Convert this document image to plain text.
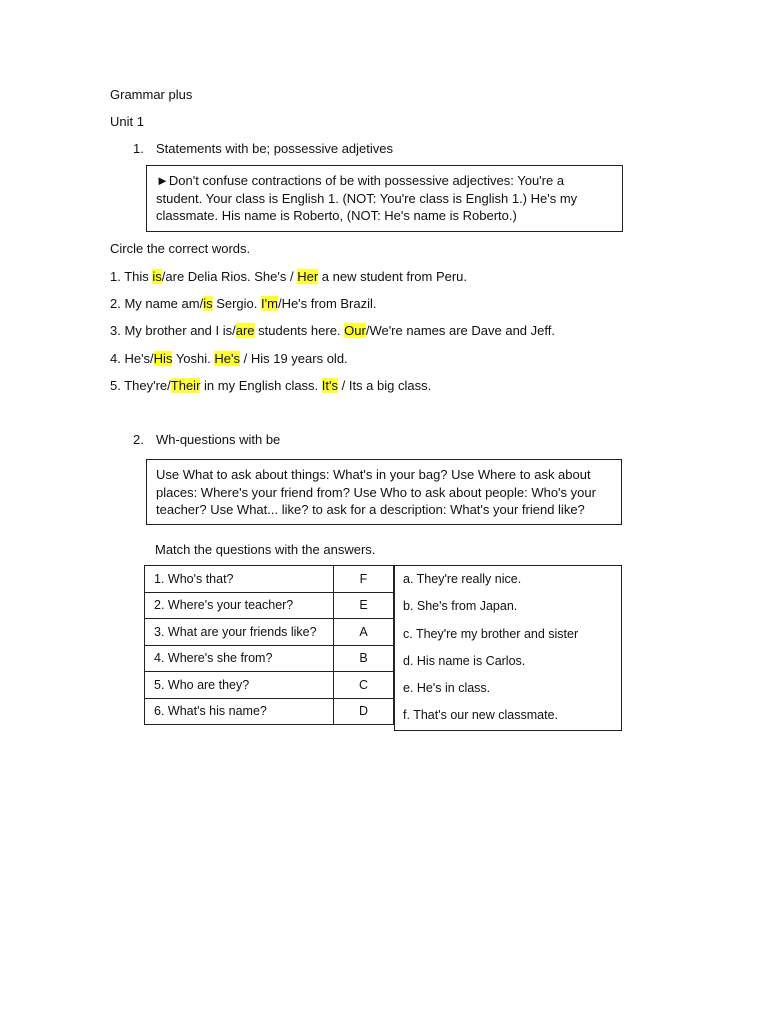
Grammar plus
Unit 1
1. Statements with be; possessive adjetives
►Don't confuse contractions of be with possessive adjectives: You're a student. Your class is English 1. (NOT: You're class is English 1.) He's my classmate. His name is Roberto, (NOT: He's name is Roberto.)
Circle the correct words.
1. This is/are Delia Rios. She's / Her a new student from Peru.
2. My name am/is Sergio. I'm/He's from Brazil.
3. My brother and I is/are students here. Our/We're names are Dave and Jeff.
4. He's/His Yoshi. He's / His 19 years old.
5. They're/Their in my English class. It's / Its a big class.
2. Wh-questions with be
Use What to ask about things: What's in your bag? Use Where to ask about places: Where's your friend from? Use Who to ask about people: Who's your teacher? Use What... like? to ask for a description: What's your friend like?
Match the questions with the answers.
1. Who's that?	F
2. Where's your teacher?	E
3. What are your friends like?	A
4. Where's she from?	B
5. Who are they?	C
6. What's his name?	D
a. They're really nice.
b. She's from Japan.
c. They're my brother and sister
d. His name is Carlos.
e. He's in class.
f. That's our new classmate.
